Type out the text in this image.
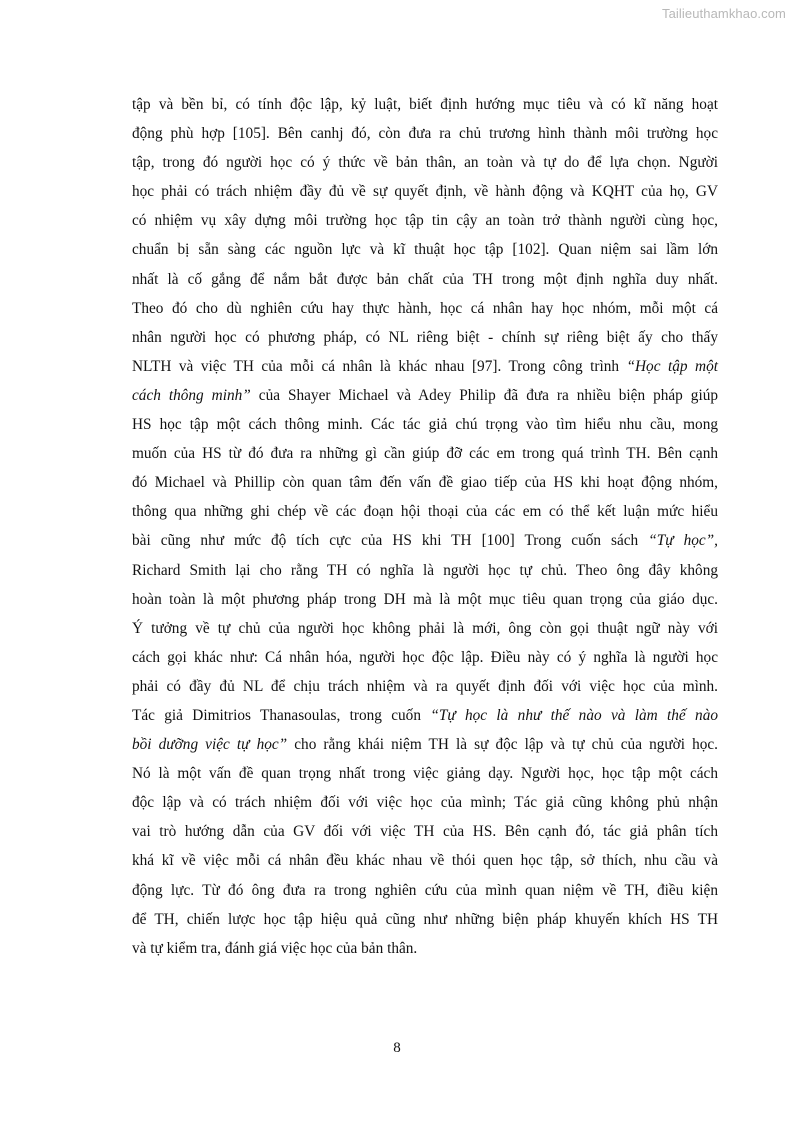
Tailieuthamkhao.com
tập và bền bỉ, có tính độc lập, kỷ luật, biết định hướng mục tiêu và có kĩ năng hoạt
động phù hợp [105]. Bên canhj đó, còn đưa ra chủ trương hình thành môi trường học
tập, trong đó người học có ý thức về bản thân, an toàn và tự do để lựa chọn. Người
học phải có trách nhiệm đầy đủ về sự quyết định, về hành động và KQHT của họ, GV
có nhiệm vụ xây dựng môi trường học tập tin cậy an toàn trở thành người cùng học,
chuẩn bị sẵn sàng các nguồn lực và kĩ thuật học tập [102]. Quan niệm sai lầm lớn
nhất là cố gắng để nắm bắt được bản chất của TH trong một định nghĩa duy nhất.
Theo đó cho dù nghiên cứu hay thực hành, học cá nhân hay học nhóm, mỗi một cá
nhân người học có phương pháp, có NL riêng biệt - chính sự riêng biệt ấy cho thấy
NLTH và việc TH của mỗi cá nhân là khác nhau [97]. Trong công trình “Học tập một
cách thông minh” của Shayer Michael và Adey Philip đã đưa ra nhiều biện pháp giúp
HS học tập một cách thông minh. Các tác giả chú trọng vào tìm hiểu nhu cầu, mong
muốn của HS từ đó đưa ra những gì cần giúp đỡ các em trong quá trình TH. Bên cạnh
đó Michael và Phillip còn quan tâm đến vấn đề giao tiếp của HS khi hoạt động nhóm,
thông qua những ghi chép về các đoạn hội thoại của các em có thể kết luận mức hiểu
bài cũng như mức độ tích cực của HS khi TH [100] Trong cuốn sách “Tự học”,
Richard Smith lại cho rằng TH có nghĩa là người học tự chủ. Theo ông đây không
hoàn toàn là một phương pháp trong DH mà là một mục tiêu quan trọng của giáo dục.
Ý tưởng về tự chủ của người học không phải là mới, ông còn gọi thuật ngữ này với
cách gọi khác như: Cá nhân hóa, người học độc lập. Điều này có ý nghĩa là người học
phải có đầy đủ NL để chịu trách nhiệm và ra quyết định đối với việc học của mình.
Tác giả Dimitrios Thanasoulas, trong cuốn “Tự học là như thế nào và làm thế nào
bồi dưỡng việc tự học” cho rằng khái niệm TH là sự độc lập và tự chủ của người học.
Nó là một vấn đề quan trọng nhất trong việc giảng dạy. Người học, học tập một cách
độc lập và có trách nhiệm đối với việc học của mình; Tác giả cũng không phủ nhận
vai trò hướng dẫn của GV đối với việc TH của HS. Bên cạnh đó, tác giả phân tích
khá kĩ về việc mỗi cá nhân đều khác nhau về thói quen học tập, sở thích, nhu cầu và
động lực. Từ đó ông đưa ra trong nghiên cứu của mình quan niệm về TH, điều kiện
để TH, chiến lược học tập hiệu quả cũng như những biện pháp khuyến khích HS TH
và tự kiểm tra, đánh giá việc học của bản thân.
8
